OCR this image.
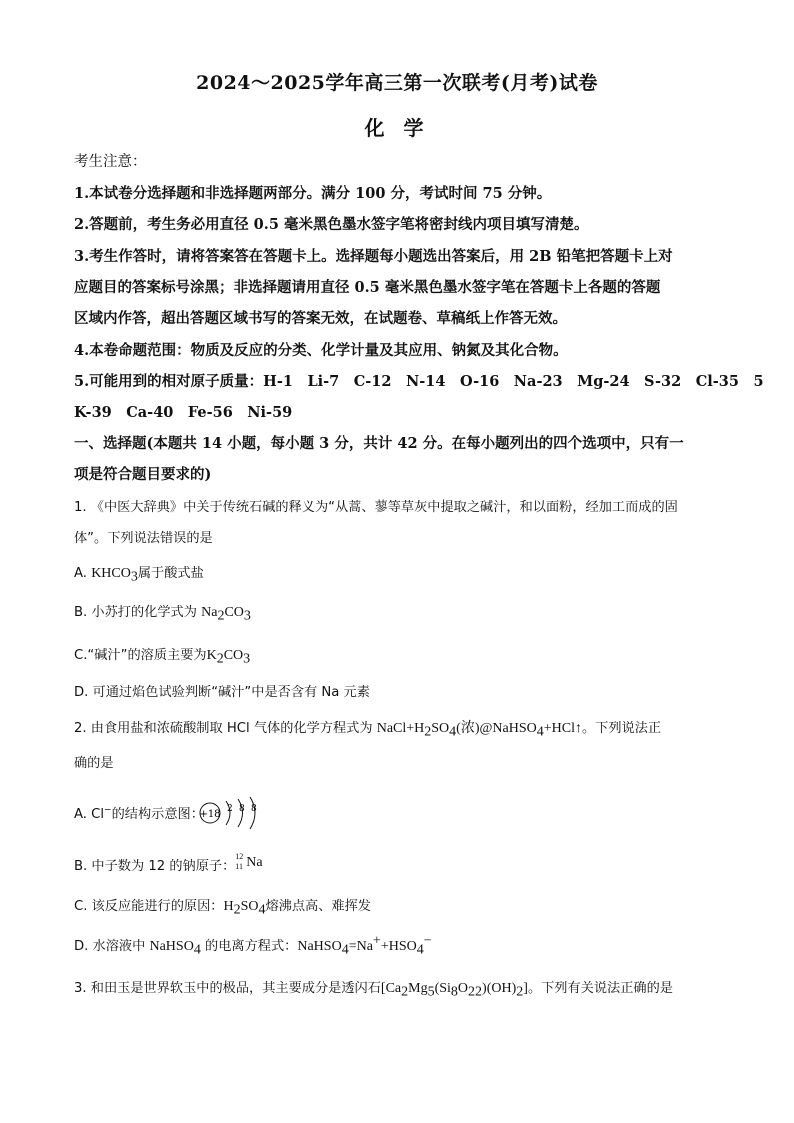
2024～2025学年高三第一次联考(月考)试卷
化 学
考生注意：
1.本试卷分选择题和非选择题两部分。满分 100 分，考试时间 75 分钟。
2.答题前，考生务必用直径 0.5 毫米黑色墨水签字笔将密封线内项目填写清楚。
3.考生作答时，请将答案答在答题卡上。选择题每小题选出答案后，用 2B 铅笔把答题卡上对
应题目的答案标号涂黑；非选择题请用直径 0.5 毫米黑色墨水签字笔在答题卡上各题的答题
区域内作答，超出答题区域书写的答案无效，在试题卷、草稿纸上作答无效。
4.本卷命题范围：物质及反应的分类、化学计量及其应用、钠氮及其化合物。
5.可能用到的相对原子质量：H-1　Li-7　C-12　N-14　O-16　Na-23　Mg-24　S-32　Cl-35　5
K-39　Ca-40　Fe-56　Ni-59
一、选择题(本题共 14 小题，每小题 3 分，共计 42 分。在每小题列出的四个选项中，只有一
项是符合题目要求的)
1. 《中医大辞典》中关于传统石碱的释义为“从蒿、蓼等草灰中提取之碱汁，和以面粉，经加工而成的固
体”。下列说法错误的是
A. $KHCO_3$属于酸式盐
B. 小苏打的化学式为 $Na_2CO_3$
C.“碱汁”的溶质主要为$K_2CO_3$
D. 可通过焰色试验判断“碱汁”中是否含有 Na 元素
2. 由食用盐和浓硫酸制取 HCl 气体的化学方程式为 $NaCl+H_2SO_4$(浓)@NaHSO$_4$+HCl↑。下列说法正
确的是
A. Cl−的结构示意图：
+18 2 8 8
B. 中子数为 12 的钠原子：
12
11 Na
C. 该反应能进行的原因：$H_2SO_4$熔沸点高、难挥发
D. 水溶液中 NaHSO$_4$ 的电离方程式：$NaHSO_4=Na^++HSO_4^-$
3. 和田玉是世界软玉中的极品，其主要成分是透闪石$[Ca_2Mg_5(Si_8O_{22})(OH)_2]$。下列有关说法正确的是
